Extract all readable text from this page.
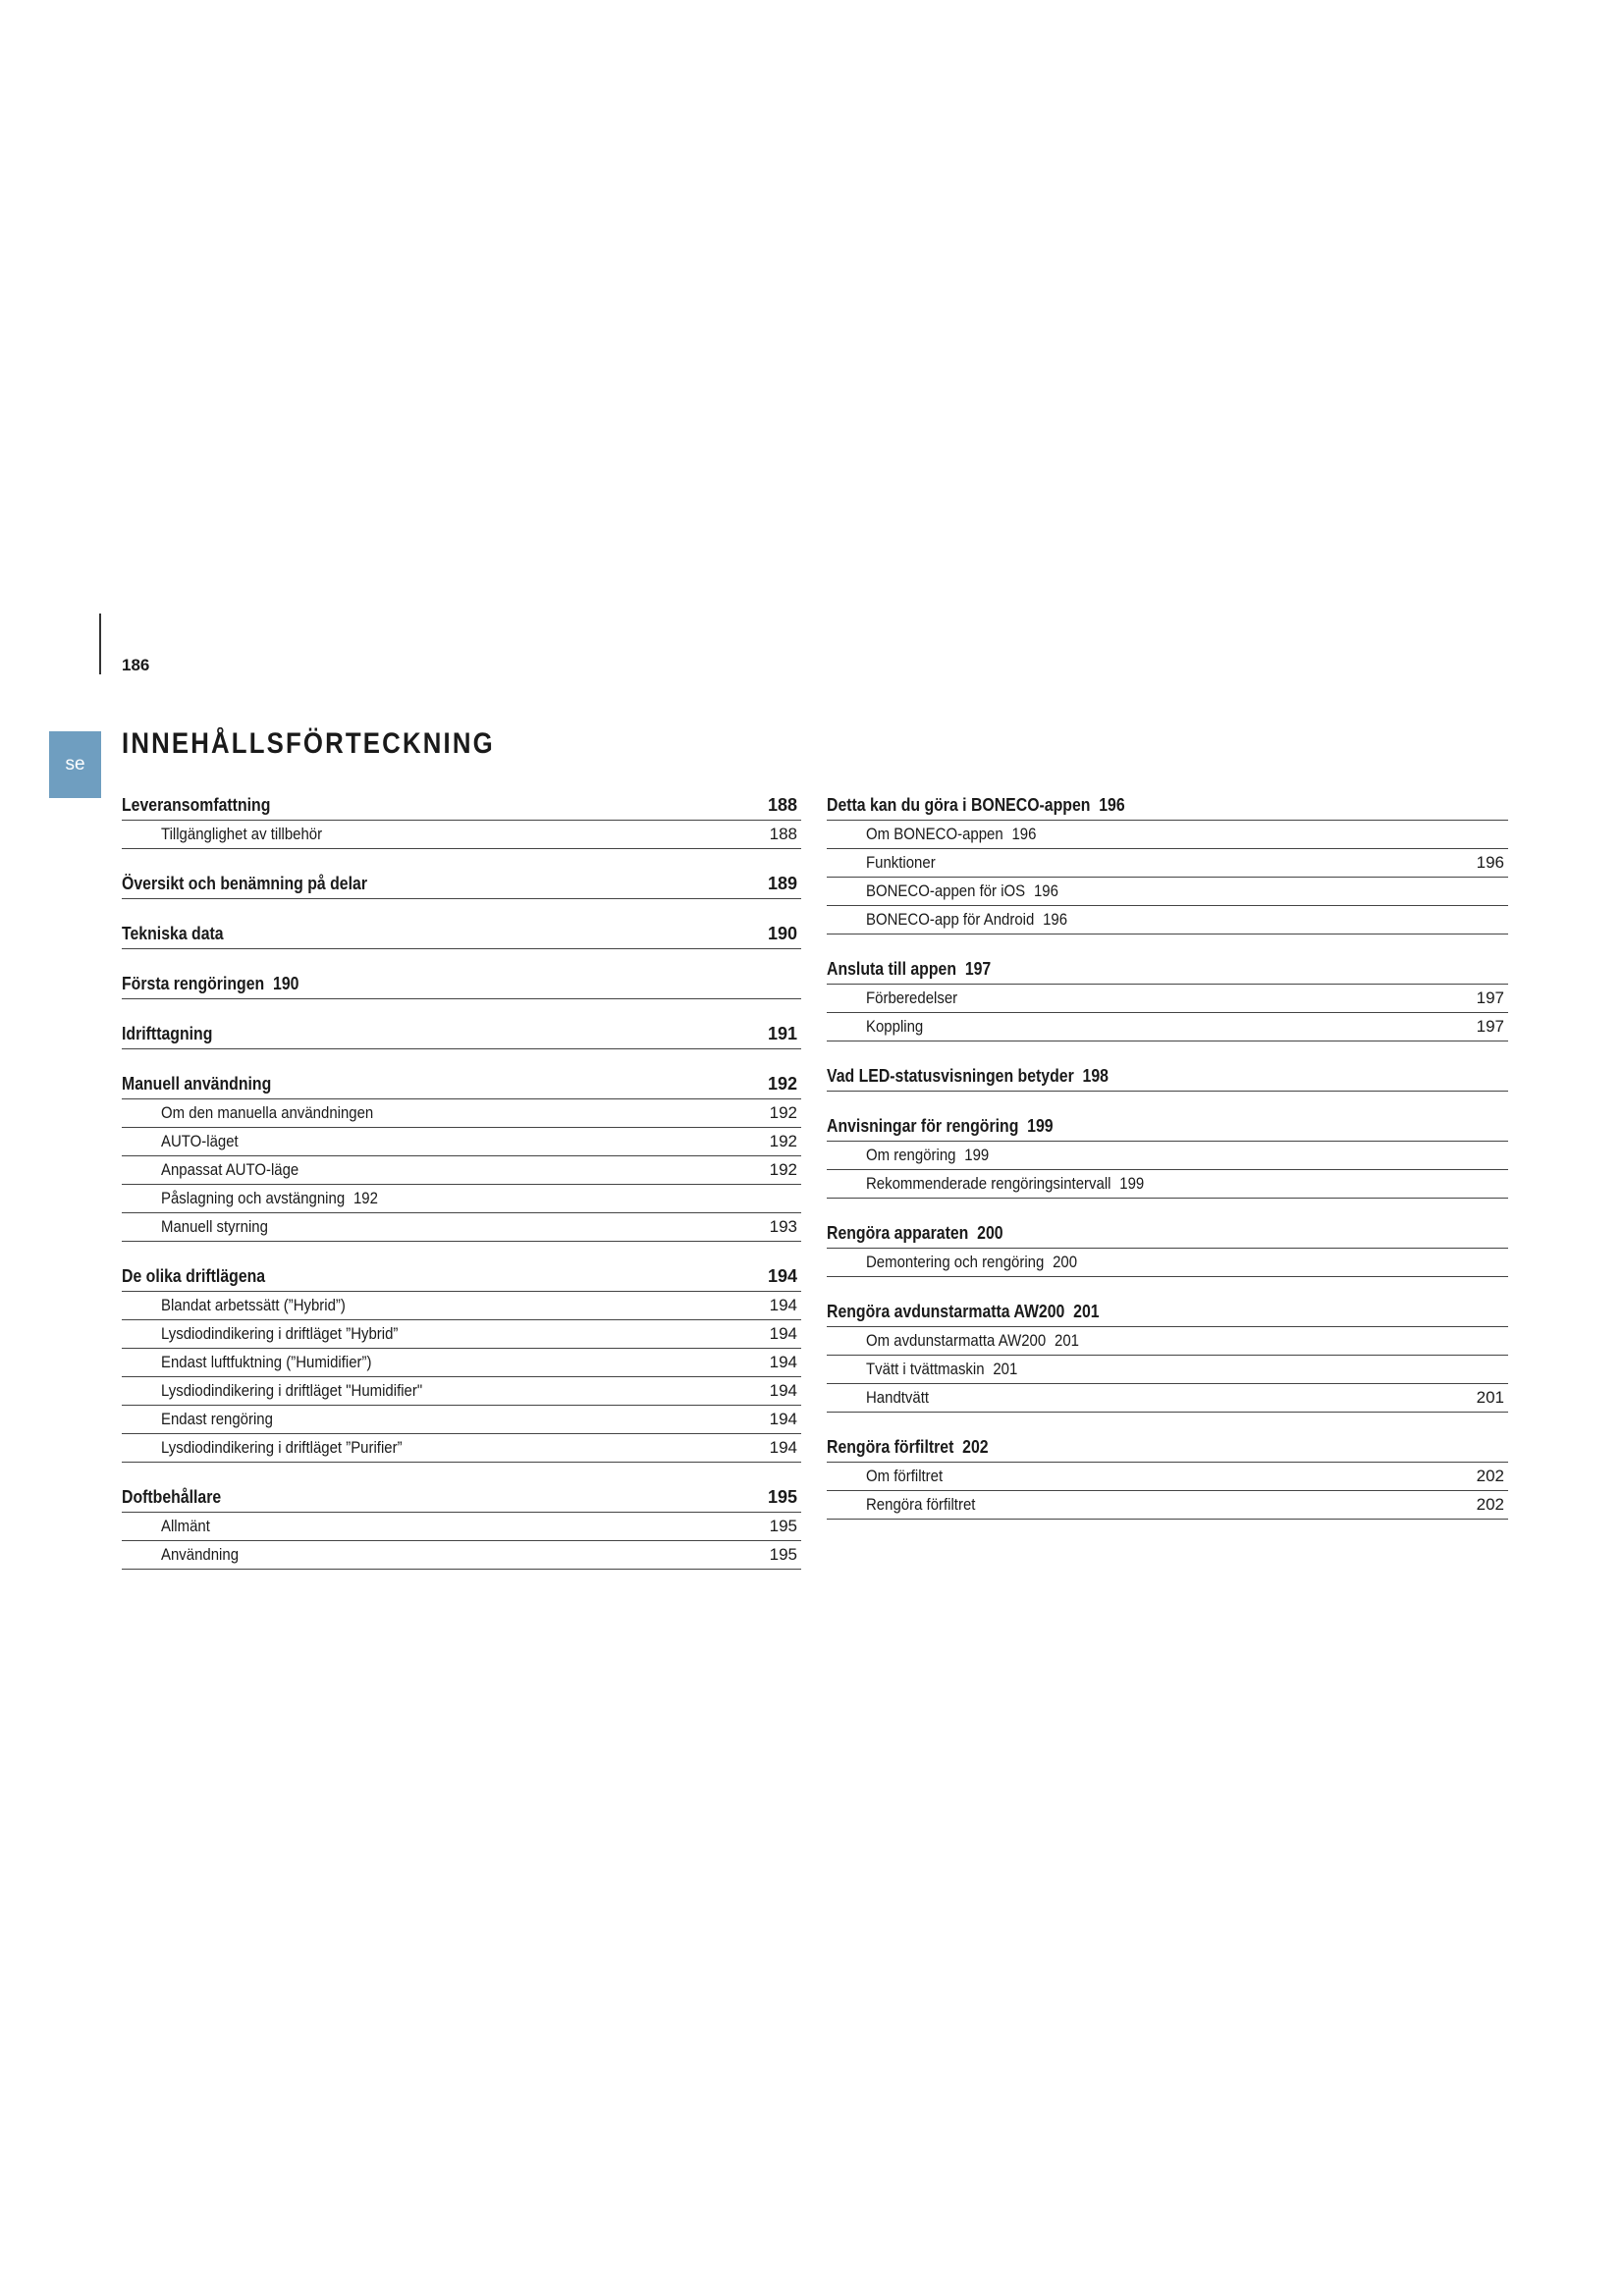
186
se
INNEHÅLLSFÖRTECKNING
Leveransomfattning	188
Tillgänglighet av tillbehör	188
Översikt och benämning på delar	189
Tekniska data	190
Första rengöringen 190
Idrifttagning	191
Manuell användning	192
Om den manuella användningen	192
AUTO-läget	192
Anpassat AUTO-läge	192
Påslagning och avstängning 192
Manuell styrning	193
De olika driftlägena	194
Blandat arbetssätt (”Hybrid”)	194
Lysdiodindikering i driftläget ”Hybrid”	194
Endast luftfuktning (”Humidifier”)	194
Lysdiodindikering i driftläget "Humidifier"	194
Endast rengöring	194
Lysdiodindikering i driftläget ”Purifier”	194
Doftbehållare	195
Allmänt	195
Användning	195
Detta kan du göra i BONECO-appen 196
Om BONECO-appen 196
Funktioner	196
BONECO-appen för iOS 196
BONECO-app för Android 196
Ansluta till appen 197
Förberedelser	197
Koppling	197
Vad LED-statusvisningen betyder 198
Anvisningar för rengöring 199
Om rengöring 199
Rekommenderade rengöringsintervall 199
Rengöra apparaten 200
Demontering och rengöring 200
Rengöra avdunstarmatta AW200 201
Om avdunstarmatta AW200 201
Tvätt i tvättmaskin 201
Handtvätt	201
Rengöra förfiltret 202
Om förfiltret	202
Rengöra förfiltret	202
